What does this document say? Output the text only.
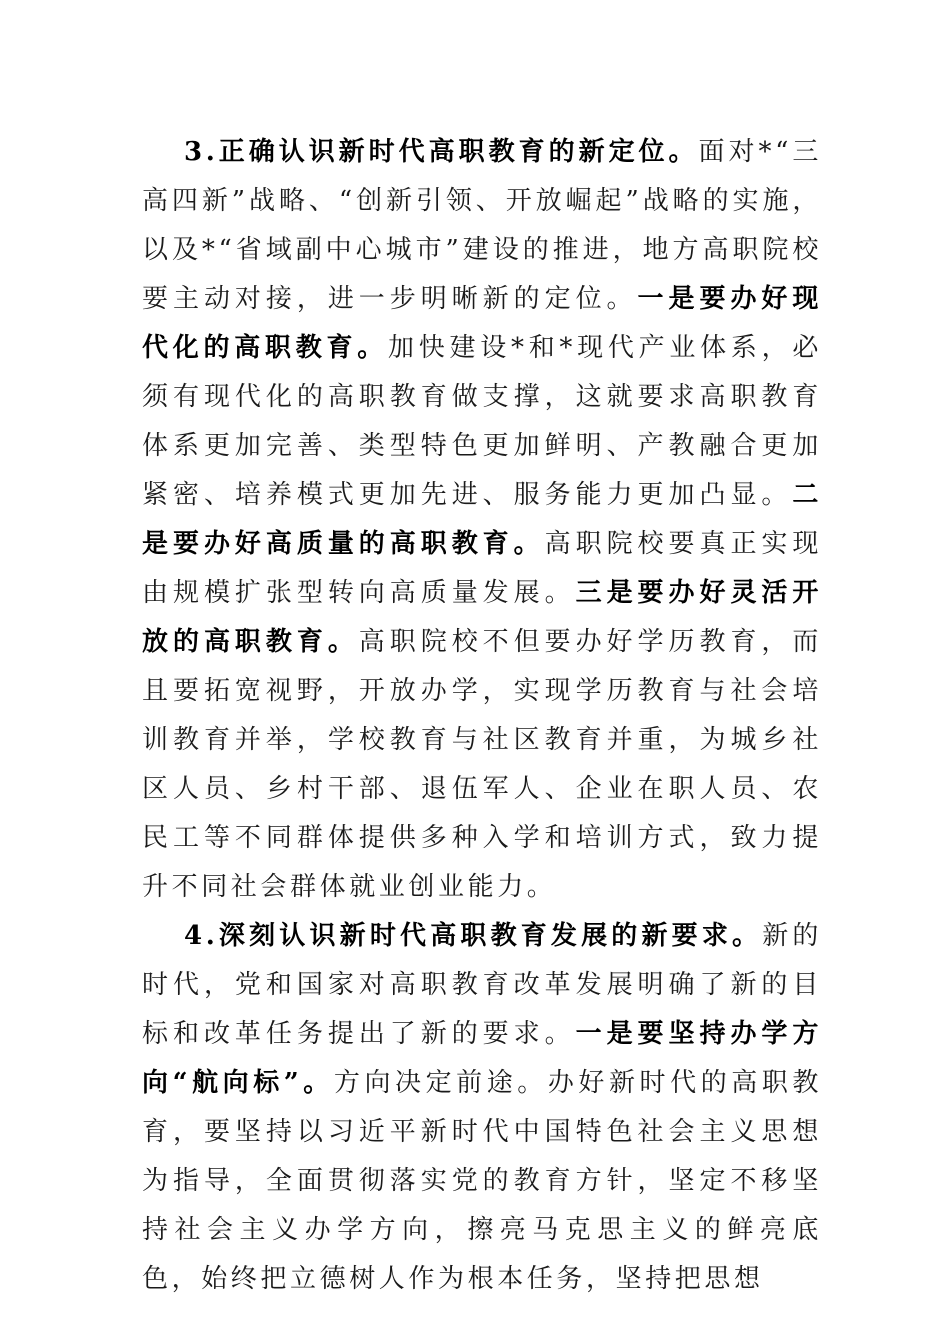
3.正确认识新时代高职教育的新定位。面对*“三高四新”战略、“创新引领、开放崛起”战略的实施，以及*“省域副中心城市”建设的推进，地方高职院校要主动对接，进一步明晰新的定位。一是要办好现代化的高职教育。加快建设*和*现代产业体系，必须有现代化的高职教育做支撑，这就要求高职教育体系更加完善、类型特色更加鲜明、产教融合更加紧密、培养模式更加先进、服务能力更加凸显。二是要办好高质量的高职教育。高职院校要真正实现由规模扩张型转向高质量发展。三是要办好灵活开放的高职教育。高职院校不但要办好学历教育，而且要拓宽视野，开放办学，实现学历教育与社会培训教育并举，学校教育与社区教育并重，为城乡社区人员、乡村干部、退伍军人、企业在职人员、农民工等不同群体提供多种入学和培训方式，致力提升不同社会群体就业创业能力。

4.深刻认识新时代高职教育发展的新要求。新的时代，党和国家对高职教育改革发展明确了新的目标和改革任务提出了新的要求。一是要坚持办学方向“航向标”。方向决定前途。办好新时代的高职教育，要坚持以习近平新时代中国特色社会主义思想为指导，全面贯彻落实党的教育方针，坚定不移坚持社会主义办学方向，擦亮马克思主义的鲜亮底色，始终把立德树人作为根本任务，坚持把思想
